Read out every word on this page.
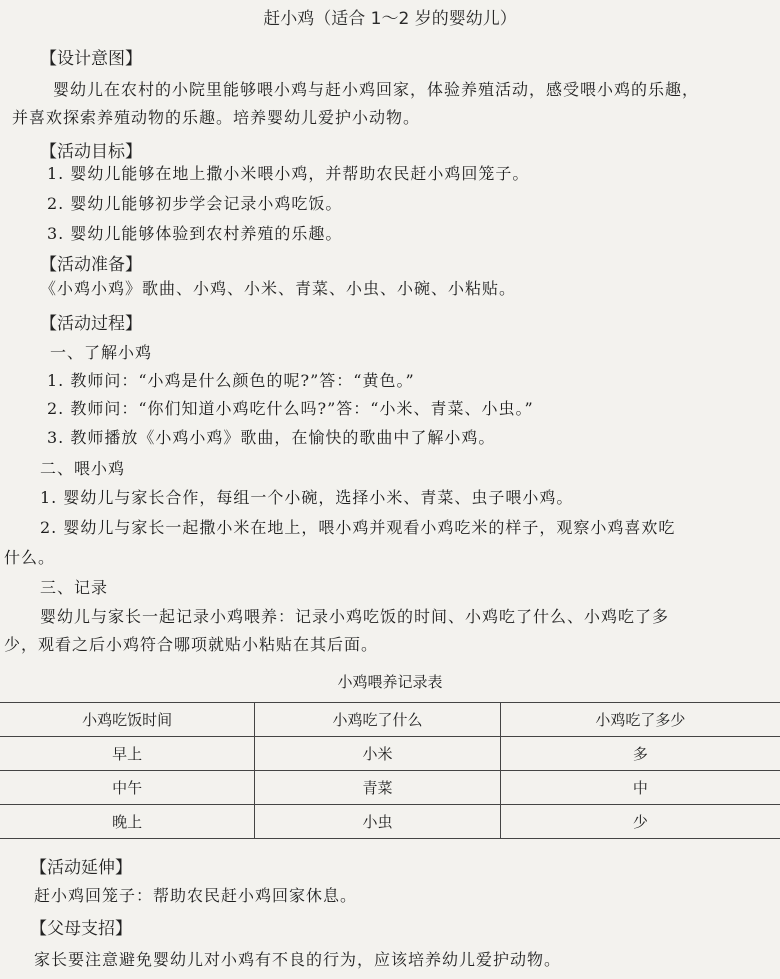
赶小鸡（适合 1～2 岁的婴幼儿）
【设计意图】
婴幼儿在农村的小院里能够喂小鸡与赶小鸡回家，体验养殖活动，感受喂小鸡的乐趣，
并喜欢探索养殖动物的乐趣。培养婴幼儿爱护小动物。
【活动目标】
1. 婴幼儿能够在地上撒小米喂小鸡，并帮助农民赶小鸡回笼子。
2. 婴幼儿能够初步学会记录小鸡吃饭。
3. 婴幼儿能够体验到农村养殖的乐趣。
【活动准备】
《小鸡小鸡》歌曲、小鸡、小米、青菜、小虫、小碗、小粘贴。
【活动过程】
一、了解小鸡
1. 教师问：“小鸡是什么颜色的呢?”答：“黄色。”
2. 教师问：“你们知道小鸡吃什么吗?”答：“小米、青菜、小虫。”
3. 教师播放《小鸡小鸡》歌曲，在愉快的歌曲中了解小鸡。
二、喂小鸡
1. 婴幼儿与家长合作，每组一个小碗，选择小米、青菜、虫子喂小鸡。
2. 婴幼儿与家长一起撒小米在地上，喂小鸡并观看小鸡吃米的样子，观察小鸡喜欢吃
什么。
三、记录
婴幼儿与家长一起记录小鸡喂养：记录小鸡吃饭的时间、小鸡吃了什么、小鸡吃了多
少，观看之后小鸡符合哪项就贴小粘贴在其后面。
小鸡喂养记录表
小鸡吃饭时间	小鸡吃了什么	小鸡吃了多少
早上	小米	多
中午	青菜	中
晚上	小虫	少
【活动延伸】
赶小鸡回笼子：帮助农民赶小鸡回家休息。
【父母支招】
家长要注意避免婴幼儿对小鸡有不良的行为，应该培养幼儿爱护动物。
